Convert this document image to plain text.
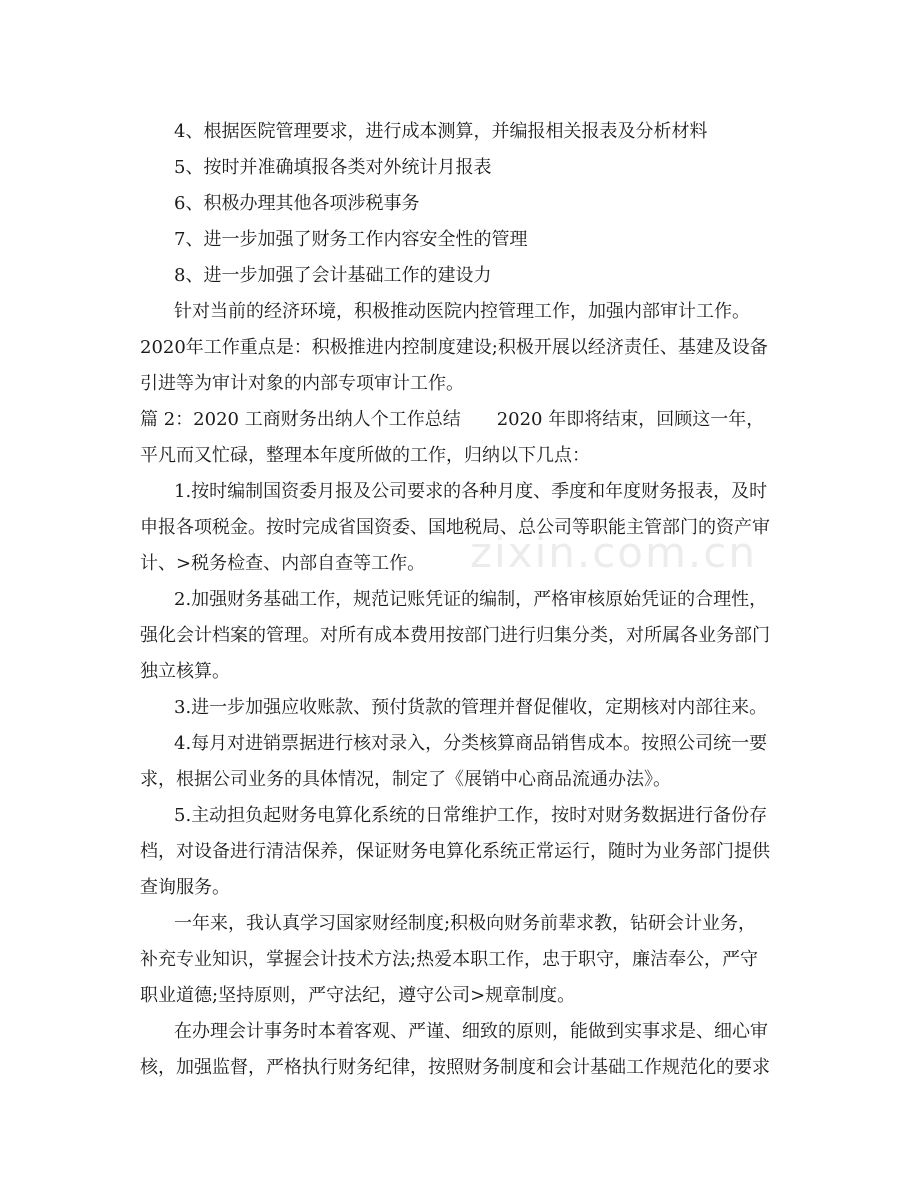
zixin.com.cn

4、根据医院管理要求，进行成本测算，并编报相关报表及分析材料

5、按时并准确填报各类对外统计月报表

6、积极办理其他各项涉税事务

7、进一步加强了财务工作内容安全性的管理

8、进一步加强了会计基础工作的建设力

针对当前的经济环境，积极推动医院内控管理工作，加强内部审计工作。2020年工作重点是：积极推进内控制度建设;积极开展以经济责任、基建及设备引进等为审计对象的内部专项审计工作。

篇 2：2020 工商财务出纳人个工作总结　　2020 年即将结束，回顾这一年，平凡而又忙碌，整理本年度所做的工作，归纳以下几点：

1.按时编制国资委月报及公司要求的各种月度、季度和年度财务报表，及时申报各项税金。按时完成省国资委、国地税局、总公司等职能主管部门的资产审计、>税务检查、内部自查等工作。

2.加强财务基础工作，规范记账凭证的编制，严格审核原始凭证的合理性，强化会计档案的管理。对所有成本费用按部门进行归集分类，对所属各业务部门独立核算。

3.进一步加强应收账款、预付货款的管理并督促催收，定期核对内部往来。

4.每月对进销票据进行核对录入，分类核算商品销售成本。按照公司统一要求，根据公司业务的具体情况，制定了《展销中心商品流通办法》。

5.主动担负起财务电算化系统的日常维护工作，按时对财务数据进行备份存档，对设备进行清洁保养，保证财务电算化系统正常运行，随时为业务部门提供查询服务。

一年来，我认真学习国家财经制度;积极向财务前辈求教，钻研会计业务，补充专业知识，掌握会计技术方法;热爱本职工作，忠于职守，廉洁奉公，严守职业道德;坚持原则，严守法纪，遵守公司>规章制度。

在办理会计事务时本着客观、严谨、细致的原则，能做到实事求是、细心审核，加强监督，严格执行财务纪律，按照财务制度和会计基础工作规范化的要求
